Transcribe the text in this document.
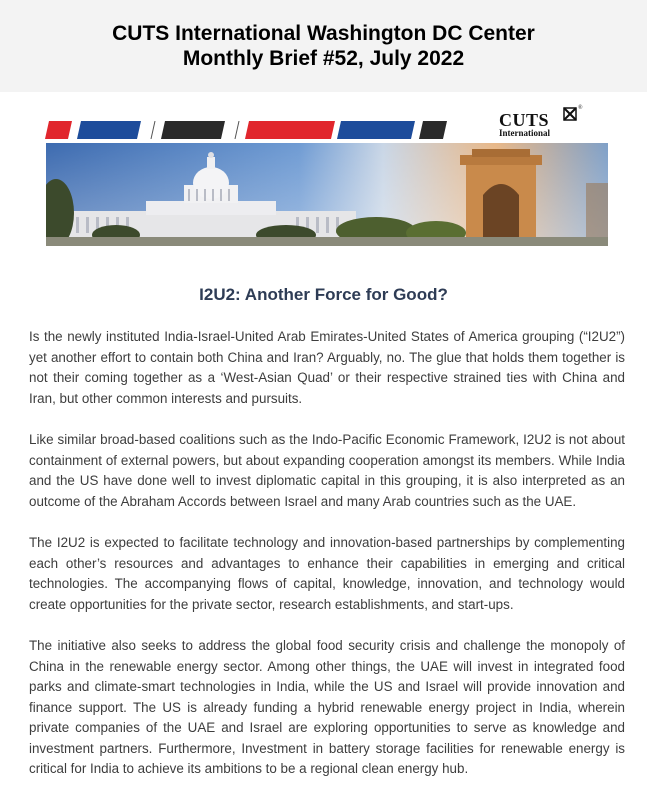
CUTS International Washington DC Center
Monthly Brief #52, July 2022
CUTS
®
International
I2U2: Another Force for Good?

Is the newly instituted India-Israel-United Arab Emirates-United States of America grouping (“I2U2”) yet another effort to contain both China and Iran? Arguably, no. The glue that holds them together is not their coming together as a ‘West-Asian Quad’ or their respective strained ties with China and Iran, but other common interests and pursuits.

Like similar broad-based coalitions such as the Indo-Pacific Economic Framework, I2U2 is not about containment of external powers, but about expanding cooperation amongst its members. While India and the US have done well to invest diplomatic capital in this grouping, it is also interpreted as an outcome of the Abraham Accords between Israel and many Arab countries such as the UAE.

The I2U2 is expected to facilitate technology and innovation-based partnerships by complementing each other’s resources and advantages to enhance their capabilities in emerging and critical technologies. The accompanying flows of capital, knowledge, innovation, and technology would create opportunities for the private sector, research establishments, and start-ups.

The initiative also seeks to address the global food security crisis and challenge the monopoly of China in the renewable energy sector. Among other things, the UAE will invest in integrated food parks and climate-smart technologies in India, while the US and Israel will provide innovation and finance support. The US is already funding a hybrid renewable energy project in India, wherein private companies of the UAE and Israel are exploring opportunities to serve as knowledge and investment partners. Furthermore, Investment in battery storage facilities for renewable energy is critical for India to achieve its ambitions to be a regional clean energy hub.
